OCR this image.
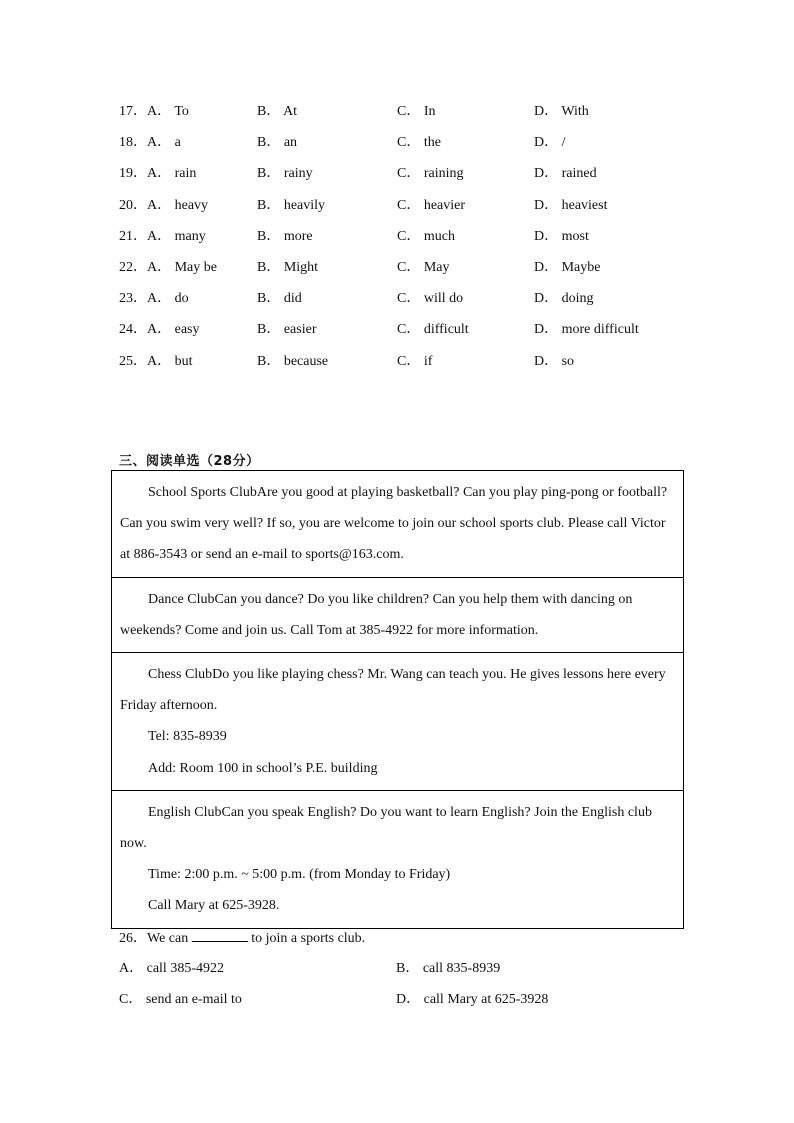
17． A． To	B． At	C． In	D． With
18． A． a	B． an	C． the	D． /
19． A． rain	B． rainy	C． raining	D． rained
20． A． heavy	B． heavily	C． heavier	D． heaviest
21． A． many	B． more	C． much	D． most
22． A． May be	B． Might	C． May	D． Maybe
23． A． do	B． did	C． will do	D． doing
24． A． easy	B． easier	C． difficult	D． more difficult
25． A． but	B． because	C． if	D． so
三、阅读单选（28分）

School Sports ClubAre you good at playing basketball? Can you play ping-pong or football? Can you swim very well? If so, you are welcome to join our school sports club. Please call Victor at 886-3543 or send an e-mail to sports@163.com.

Dance ClubCan you dance? Do you like children? Can you help them with dancing on weekends? Come and join us. Call Tom at 385-4922 for more information.

Chess ClubDo you like playing chess? Mr. Wang can teach you. He gives lessons here every Friday afternoon.

Tel: 835-8939

Add: Room 100 in school’s P.E. building

English ClubCan you speak English? Do you want to learn English? Join the English club now.

Time: 2:00 p.m. ~ 5:00 p.m. (from Monday to Friday)

Call Mary at 625-3928.

26．We can	to join a sports club.
A． call 385-4922	B． call 835-8939
C． send an e-mail to	D． call Mary at 625-3928
